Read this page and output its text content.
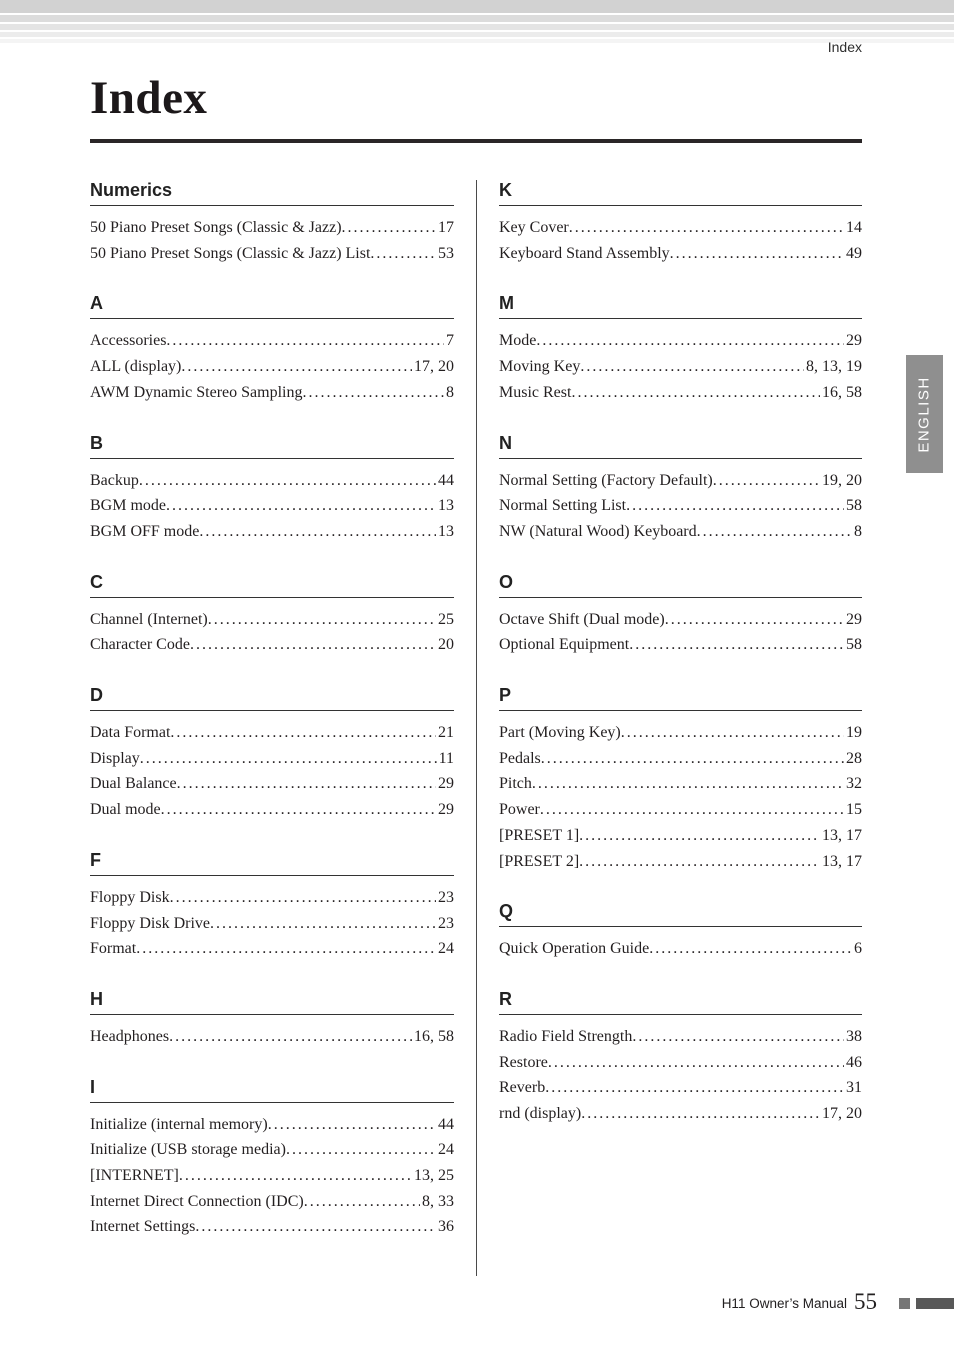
Index
Index
Numerics
50 Piano Preset Songs (Classic & Jazz) .....	17
50 Piano Preset Songs (Classic & Jazz) List .....	53
A
Accessories .....	7
ALL (display) .....	17, 20
AWM Dynamic Stereo Sampling .....	8
B
Backup .....	44
BGM mode .....	13
BGM OFF mode .....	13
C
Channel (Internet) .....	25
Character Code .....	20
D
Data Format .....	21
Display .....	11
Dual Balance .....	29
Dual mode .....	29
F
Floppy Disk .....	23
Floppy Disk Drive .....	23
Format .....	24
H
Headphones .....	16, 58
I
Initialize (internal memory) .....	44
Initialize (USB storage media) .....	24
[INTERNET] .....	13, 25
Internet Direct Connection (IDC) .....	8, 33
Internet Settings .....	36
K
Key Cover .....	14
Keyboard Stand Assembly .....	49
M
Mode .....	29
Moving Key .....	8, 13, 19
Music Rest .....	16, 58
N
Normal Setting (Factory Default) .....	19, 20
Normal Setting List .....	58
NW (Natural Wood) Keyboard .....	8
O
Octave Shift (Dual mode) .....	29
Optional Equipment .....	58
P
Part (Moving Key) .....	19
Pedals .....	28
Pitch .....	32
Power .....	15
[PRESET 1] .....	13, 17
[PRESET 2] .....	13, 17
Q
Quick Operation Guide .....	6
R
Radio Field Strength .....	38
Restore .....	46
Reverb .....	31
rnd (display) .....	17, 20
ENGLISH
H11 Owner’s Manual 55
